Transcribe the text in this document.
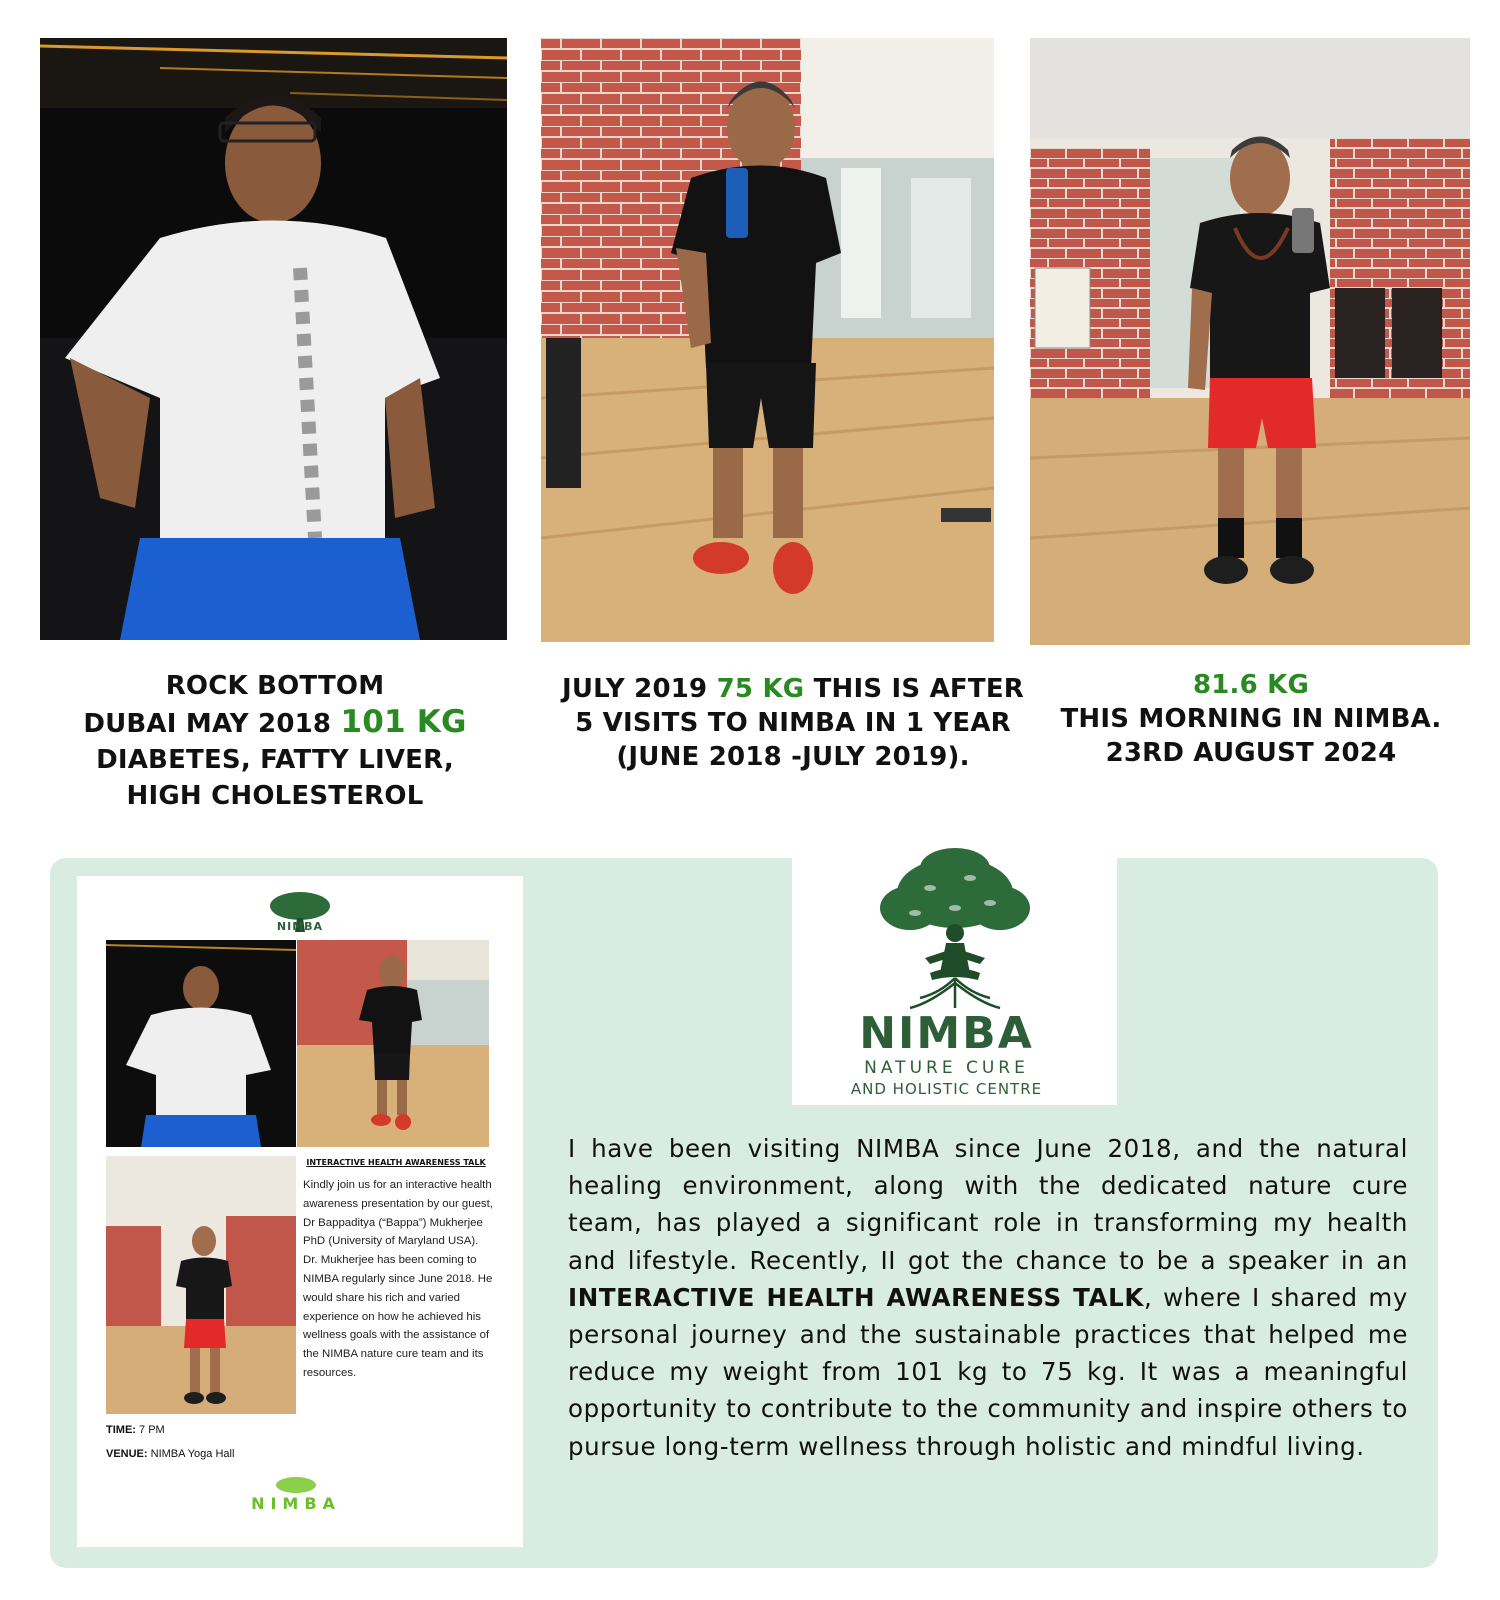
ROCK BOTTOM
DUBAI MAY 2018 101 KG
DIABETES, FATTY LIVER,
HIGH CHOLESTEROL
JULY 2019 75 KG THIS IS AFTER
5 VISITS TO NIMBA IN 1 YEAR
(JUNE 2018 -JULY 2019).
81.6 KG
THIS MORNING IN NIMBA.
23RD AUGUST 2024
NIMBA
NATURE CURE
AND HOLISTIC CENTRE
NIMBA
INTERACTIVE HEALTH AWARENESS TALK
Kindly join us for an interactive health awareness presentation by our guest, Dr Bappaditya (“Bappa”) Mukherjee PhD (University of Maryland USA). Dr. Mukherjee has been coming to NIMBA regularly since June 2018. He would share his rich and varied experience on how he achieved his wellness goals with the assistance of the NIMBA nature cure team and its resources.
TIME: 7 PM
VENUE: NIMBA Yoga Hall
NIMBA
I have been visiting NIMBA since June 2018, and the natural healing environment, along with the dedicated nature cure team, has played a significant role in transforming my health and lifestyle. Recently, II got the chance to be a speaker in an INTERACTIVE HEALTH AWARENESS TALK, where I shared my personal journey and the sustainable practices that helped me reduce my weight from 101 kg to 75 kg. It was a meaningful opportunity to contribute to the community and inspire others to pursue long-term wellness through holistic and mindful living.
